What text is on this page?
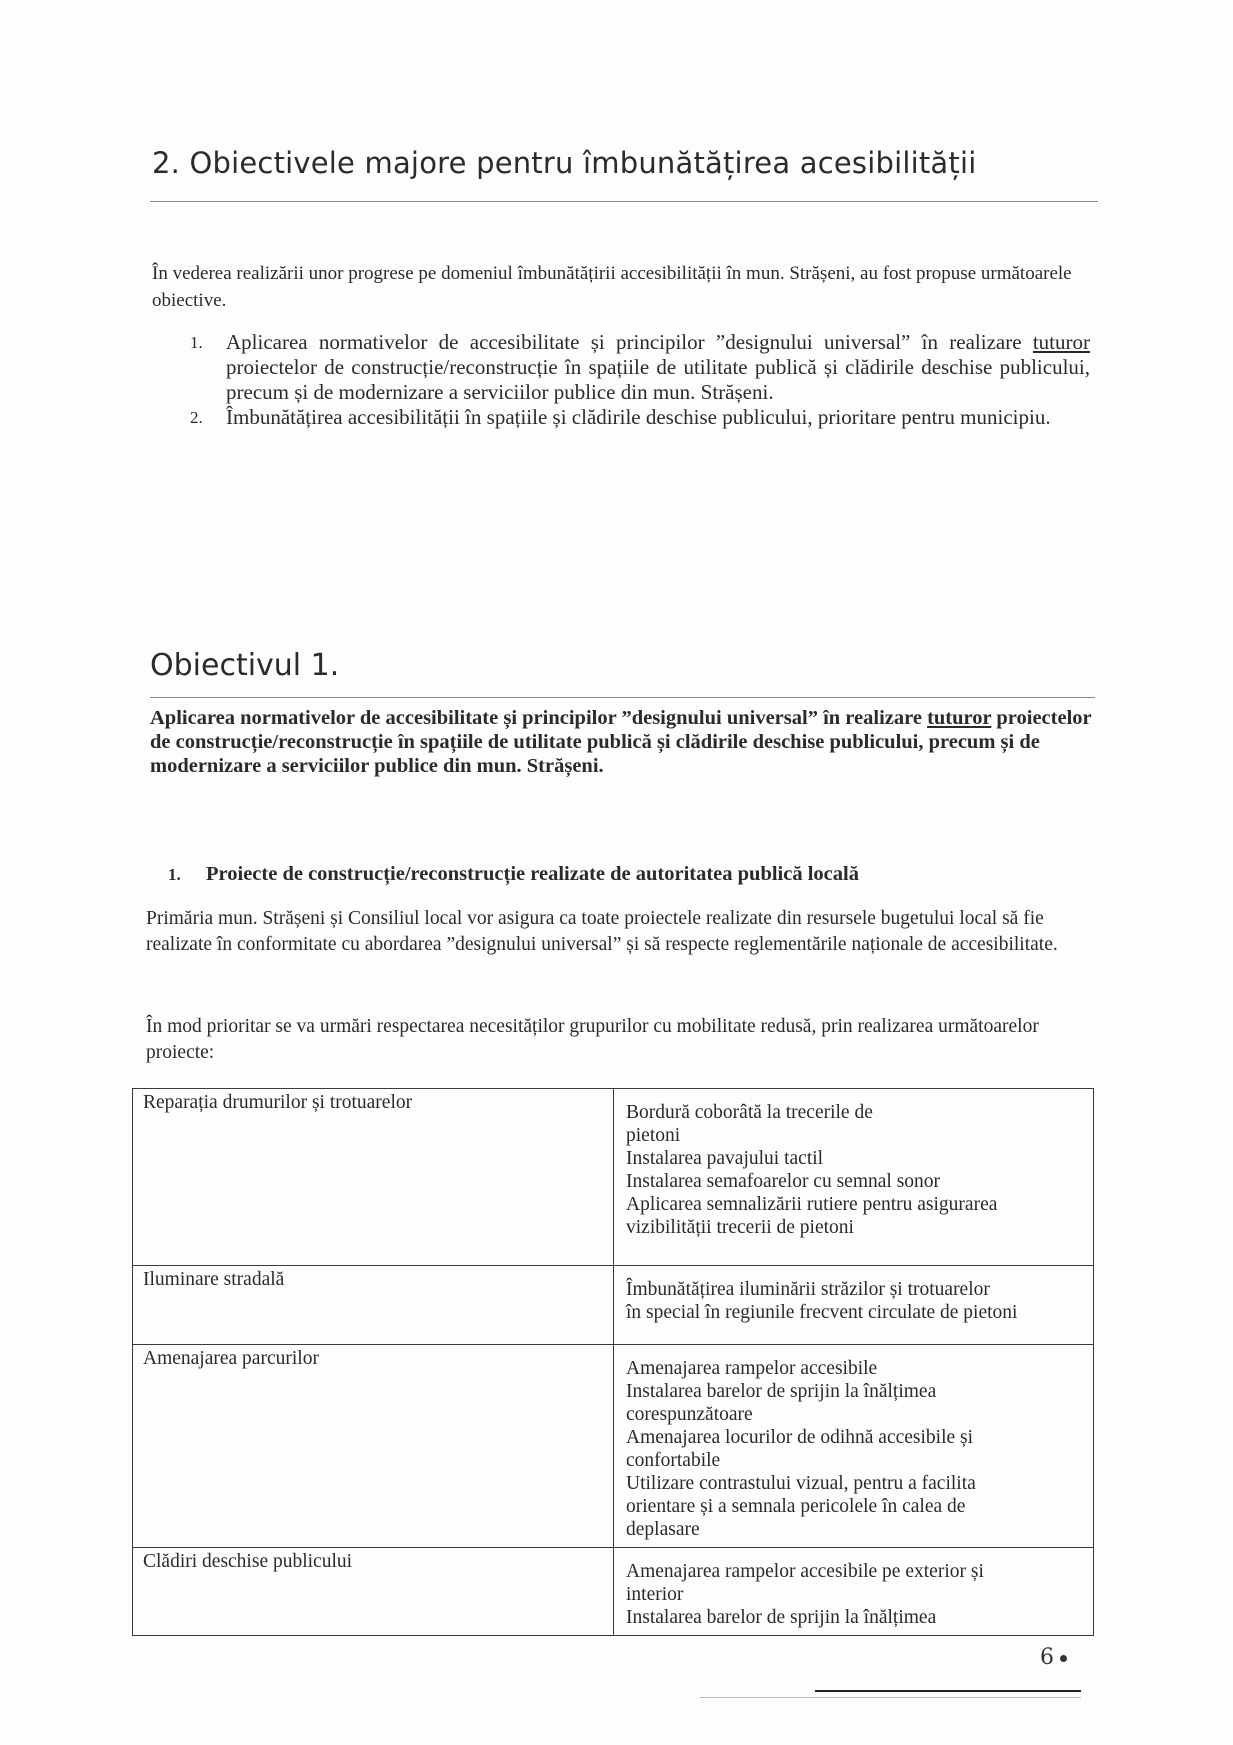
2. Obiectivele majore pentru îmbunătățirea acesibilității

În vederea realizării unor progrese pe domeniul îmbunătățirii accesibilității în mun. Strășeni, au fost propuse următoarele obiective.

1. Aplicarea normativelor de accesibilitate și principilor ”designului universal” în realizare tuturor proiectelor de construcție/reconstrucție în spațiile de utilitate publică și clădirile deschise publicului, precum și de modernizare a serviciilor publice din mun. Strășeni.
2. Îmbunătățirea accesibilității în spațiile și clădirile deschise publicului, prioritare pentru municipiu.
Obiectivul 1.

Aplicarea normativelor de accesibilitate și principilor ”designului universal” în realizare tuturor proiectelor de construcție/reconstrucție în spațiile de utilitate publică și clădirile deschise publicului, precum și de modernizare a serviciilor publice din mun. Strășeni.

1. Proiecte de construcție/reconstrucție realizate de autoritatea publică locală

Primăria mun. Strășeni și Consiliul local vor asigura ca toate proiectele realizate din resursele bugetului local să fie realizate în conformitate cu abordarea ”designului universal” și să respecte reglementările naționale de accesibilitate.

În mod prioritar se va urmări respectarea necesităților grupurilor cu mobilitate redusă, prin realizarea următoarelor proiecte:

Reparația drumurilor și trotuarelor	Bordură coborâtă la trecerile de
pietoni
Instalarea pavajului tactil
Instalarea semafoarelor cu semnal sonor
Aplicarea semnalizării rutiere pentru asigurarea
vizibilității trecerii de pietoni

Iluminare stradală	Îmbunătățirea iluminării străzilor și trotuarelor
în special în regiunile frecvent circulate de pietoni

Amenajarea parcurilor	Amenajarea rampelor accesibile
Instalarea barelor de sprijin la înălțimea
corespunzătoare
Amenajarea locurilor de odihnă accesibile și
confortabile
Utilizare contrastului vizual, pentru a facilita
orientare și a semnala pericolele în calea de
deplasare

Clădiri deschise publicului	Amenajarea rampelor accesibile pe exterior și
interior
Instalarea barelor de sprijin la înălțimea
6
